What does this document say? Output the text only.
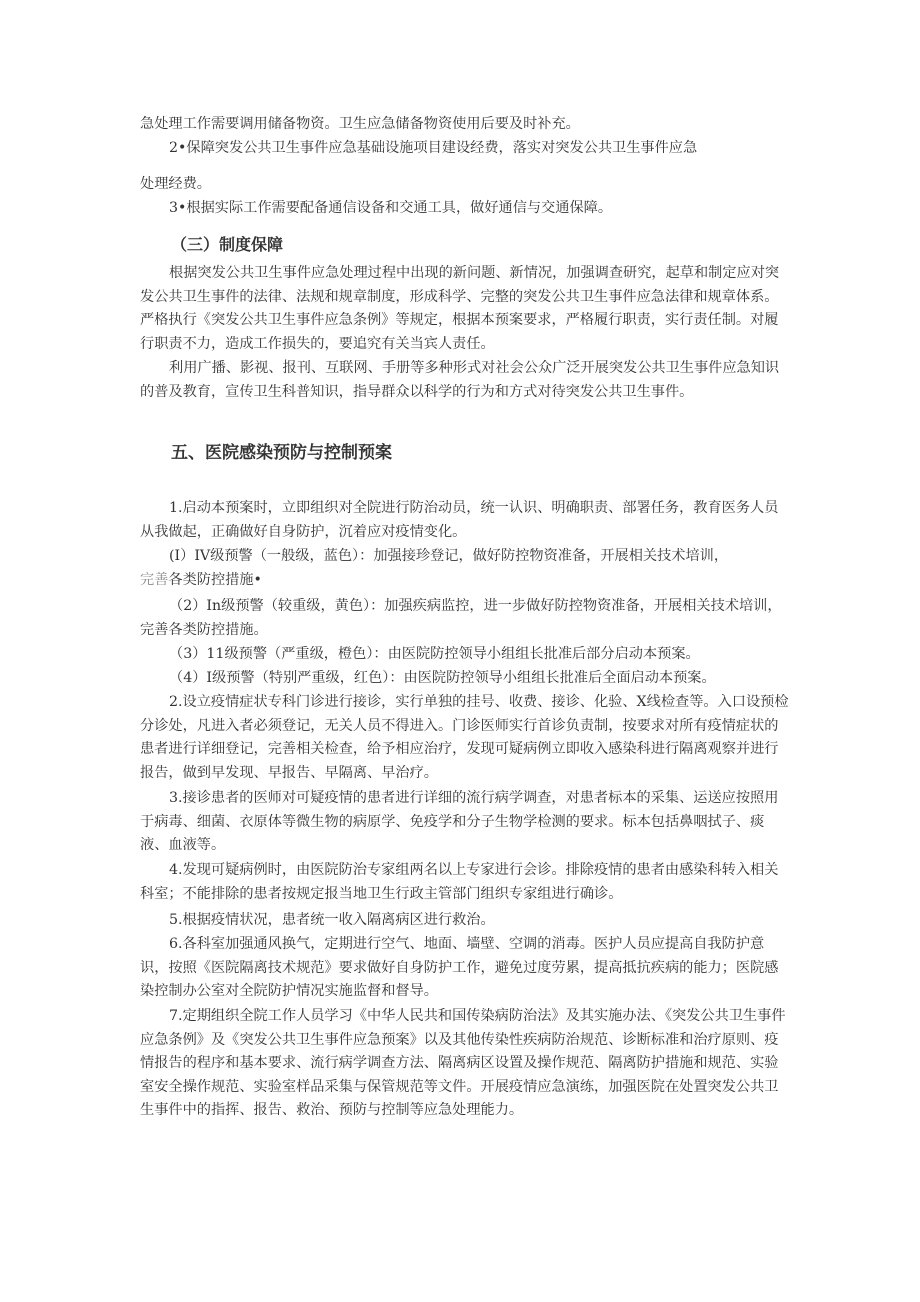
急处理工作需要调用储备物资。卫生应急储备物资使用后要及时补充。

2•保障突发公共卫生事件应急基础设施项目建设经费，落实对突发公共卫生事件应急

处理经费。

3•根据实际工作需要配备通信设备和交通工具，做好通信与交通保障。

（三）制度保障

根据突发公共卫生事件应急处理过程中出现的新问题、新情况，加强调查研究，起草和制定应对突发公共卫生事件的法律、法规和规章制度，形成科学、完整的突发公共卫生事件应急法律和规章体系。严格执行《突发公共卫生事件应急条例》等规定，根据本预案要求，严格履行职责，实行责任制。对履行职责不力，造成工作损失的，要追究有关当宾人责任。

利用广播、影视、报刊、互联网、手册等多种形式对社会公众广泛开展突发公共卫生事件应急知识的普及教育，宣传卫生科普知识，指导群众以科学的行为和方式对待突发公共卫生事件。

五、医院感染预防与控制预案

1.启动本预案时，立即组织对全院进行防治动员，统一认识、明确职责、部署任务，教育医务人员从我做起，正确做好自身防护，沉着应对疫情变化。

(I）IV级预警（一般级，蓝色）：加强接珍登记，做好防控物资准备，开展相关技术培训，
完善各类防控措施•

（2）In级预警（较重级，黄色）：加强疾病监控，进一步做好防控物资准备，开展相关技术培训，完善各类防控措施。

（3）11级预警（严重级，橙色）：由医院防控领导小组组长批准后部分启动本预案。

（4）I级预警（特别严重级，红色）：由医院防控领导小组组长批准后全面启动本预案。

2.设立疫情症状专科门诊进行接诊，实行单独的挂号、收费、接诊、化验、X线检查等。入口设预检分诊处，凡进入者必须登记，无关人员不得进入。门诊医师实行首诊负责制，按要求对所有疫情症状的患者进行详细登记，完善相关检查，给予相应治疗，发现可疑病例立即收入感染科进行隔离观察并进行报告，做到早发现、早报告、早隔离、早治疗。

3.接诊患者的医师对可疑疫情的患者进行详细的流行病学调查，对患者标本的采集、运送应按照用于病毒、细菌、衣原体等微生物的病原学、免疫学和分子生物学检测的要求。标本包括鼻咽拭子、痰液、血液等。

4.发现可疑病例时，由医院防治专家组两名以上专家进行会诊。排除疫情的患者由感染科转入相关科室；不能排除的患者按规定报当地卫生行政主管部门组织专家组进行确诊。

5.根据疫情状况，患者统一收入隔离病区进行救治。

6.各科室加强通风换气，定期进行空气、地面、墙壁、空调的消毒。医护人员应提高自我防护意识，按照《医院隔离技术规范》要求做好自身防护工作，避免过度劳累，提高抵抗疾病的能力；医院感染控制办公室对全院防护情况实施监督和督导。

7.定期组织全院工作人员学习《中华人民共和国传染病防治法》及其实施办法、《突发公共卫生事件应急条例》及《突发公共卫生事件应急预案》以及其他传染性疾病防治规范、诊断标准和治疗原则、疫情报告的程序和基本要求、流行病学调查方法、隔离病区设置及操作规范、隔离防护措施和规范、实验室安全操作规范、实验室样品采集与保管规范等文件。开展疫情应急演练，加强医院在处置突发公共卫生事件中的指挥、报告、救治、预防与控制等应急处理能力。
